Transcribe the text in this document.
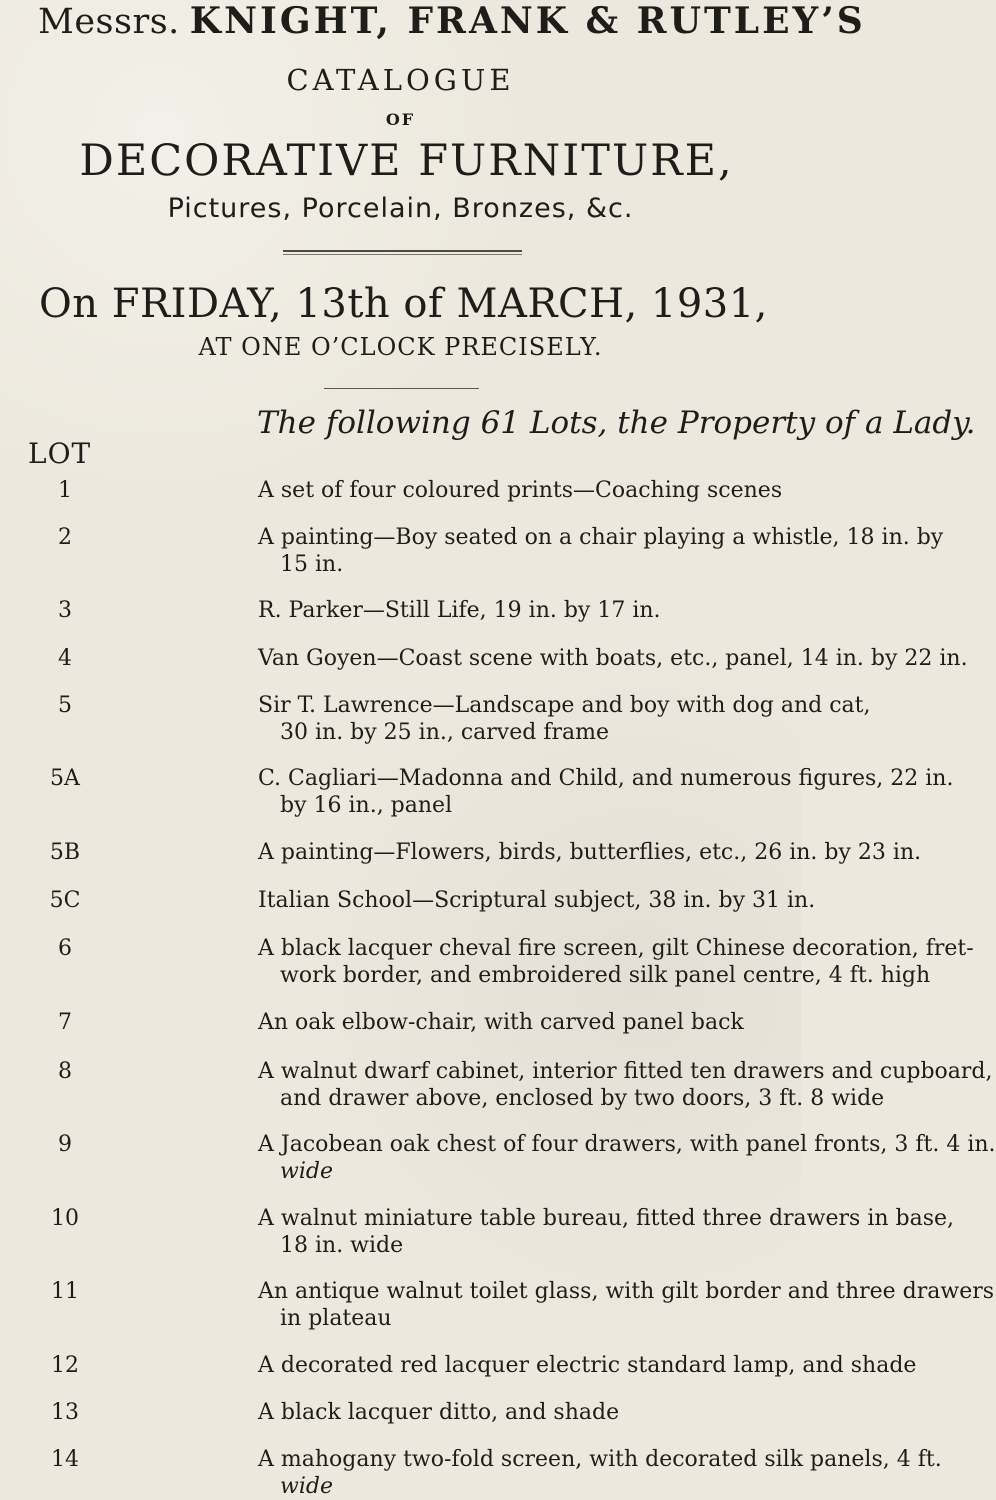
Messrs. KNIGHT, FRANK & RUTLEY’S
CATALOGUE
OF
DECORATIVE FURNITURE,
Pictures, Porcelain, Bronzes, &c.
On FRIDAY, 13th of MARCH, 1931,
AT ONE O’CLOCK PRECISELY.
The following 61 Lots, the Property of a Lady.
LOT
1	A set of four coloured prints—Coaching scenes
2	A painting—Boy seated on a chair playing a whistle, 18 in. by
15 in.
3	R. Parker—Still Life, 19 in. by 17 in.
4	Van Goyen—Coast scene with boats, etc., panel, 14 in. by 22 in.
5	Sir T. Lawrence—Landscape and boy with dog and cat,
30 in. by 25 in., carved frame
5A	C. Cagliari—Madonna and Child, and numerous figures, 22 in.
by 16 in., panel
5B	A painting—Flowers, birds, butterflies, etc., 26 in. by 23 in.
5C	Italian School—Scriptural subject, 38 in. by 31 in.
6	A black lacquer cheval fire screen, gilt Chinese decoration, fret-
work border, and embroidered silk panel centre, 4 ft. high
7	An oak elbow-chair, with carved panel back
8	A walnut dwarf cabinet, interior fitted ten drawers and cupboard,
and drawer above, enclosed by two doors, 3 ft. 8 wide
9	A Jacobean oak chest of four drawers, with panel fronts, 3 ft. 4 in.
wide
10	A walnut miniature table bureau, fitted three drawers in base,
18 in. wide
11	An antique walnut toilet glass, with gilt border and three drawers
in plateau
12	A decorated red lacquer electric standard lamp, and shade
13	A black lacquer ditto, and shade
14	A mahogany two-fold screen, with decorated silk panels, 4 ft.
wide
